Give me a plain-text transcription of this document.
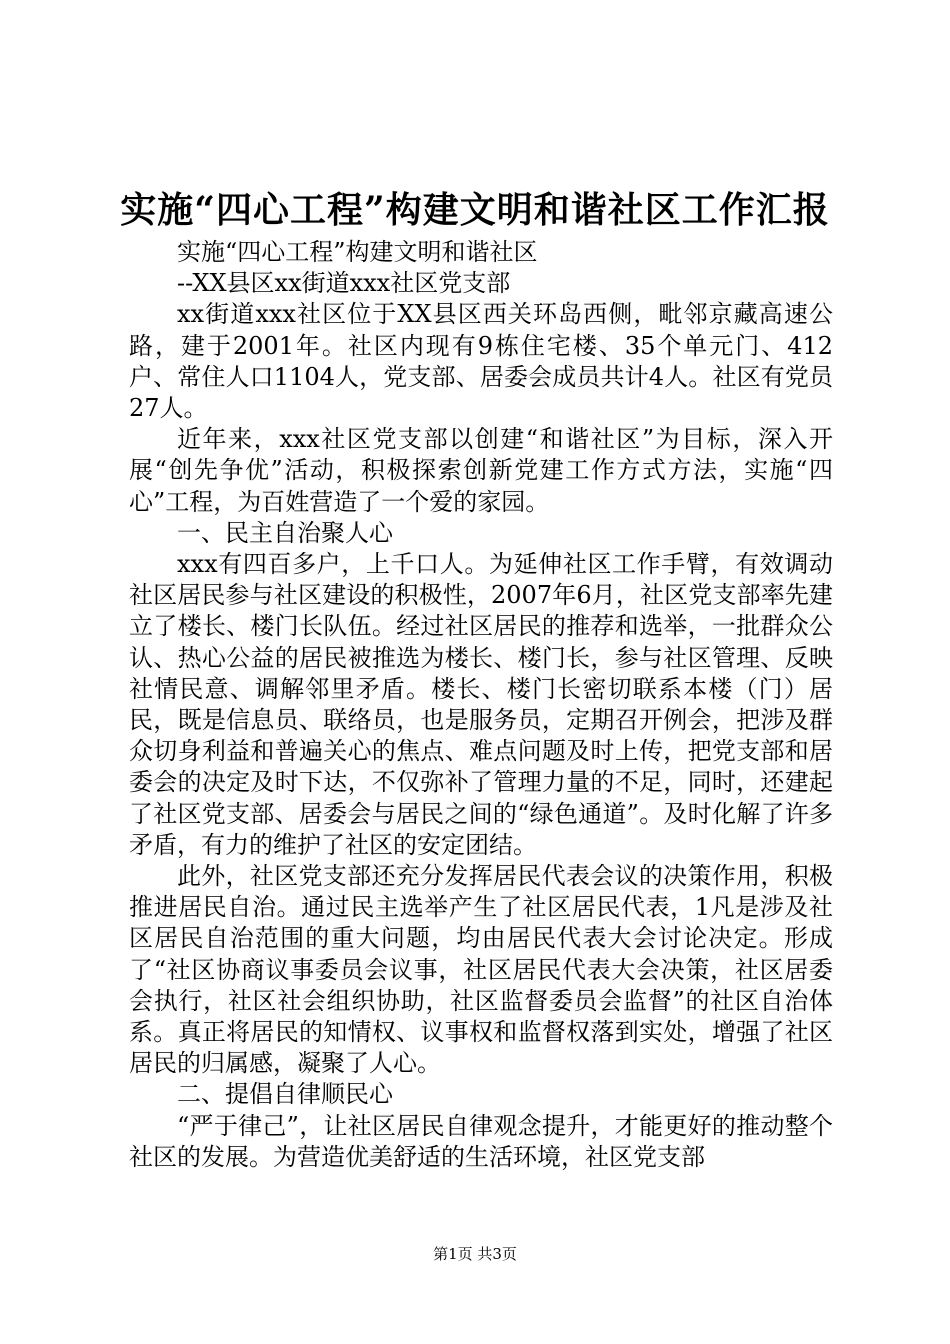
实施“四心工程”构建文明和谐社区工作汇报

实施“四心工程”构建文明和谐社区

--XX县区xx街道xxx社区党支部

xx街道xxx社区位于XX县区西关环岛西侧，毗邻京藏高速公路，建于2001年。社区内现有9栋住宅楼、35个单元门、412户、常住人口1104人，党支部、居委会成员共计4人。社区有党员27人。

近年来，xxx社区党支部以创建“和谐社区”为目标，深入开展“创先争优”活动，积极探索创新党建工作方式方法，实施“四心”工程，为百姓营造了一个爱的家园。

一、民主自治聚人心

xxx有四百多户，上千口人。为延伸社区工作手臂，有效调动社区居民参与社区建设的积极性，2007年6月，社区党支部率先建立了楼长、楼门长队伍。经过社区居民的推荐和选举，一批群众公认、热心公益的居民被推选为楼长、楼门长，参与社区管理、反映社情民意、调解邻里矛盾。楼长、楼门长密切联系本楼（门）居民，既是信息员、联络员，也是服务员，定期召开例会，把涉及群众切身利益和普遍关心的焦点、难点问题及时上传，把党支部和居委会的决定及时下达，不仅弥补了管理力量的不足，同时，还建起了社区党支部、居委会与居民之间的“绿色通道”。及时化解了许多矛盾，有力的维护了社区的安定团结。

此外，社区党支部还充分发挥居民代表会议的决策作用，积极推进居民自治。通过民主选举产生了社区居民代表，1凡是涉及社区居民自治范围的重大问题，均由居民代表大会讨论决定。形成了“社区协商议事委员会议事，社区居民代表大会决策，社区居委会执行，社区社会组织协助，社区监督委员会监督”的社区自治体系。真正将居民的知情权、议事权和监督权落到实处，增强了社区居民的归属感，凝聚了人心。

二、提倡自律顺民心

“严于律己”，让社区居民自律观念提升，才能更好的推动整个社区的发展。为营造优美舒适的生活环境，社区党支部

第1页 共3页
